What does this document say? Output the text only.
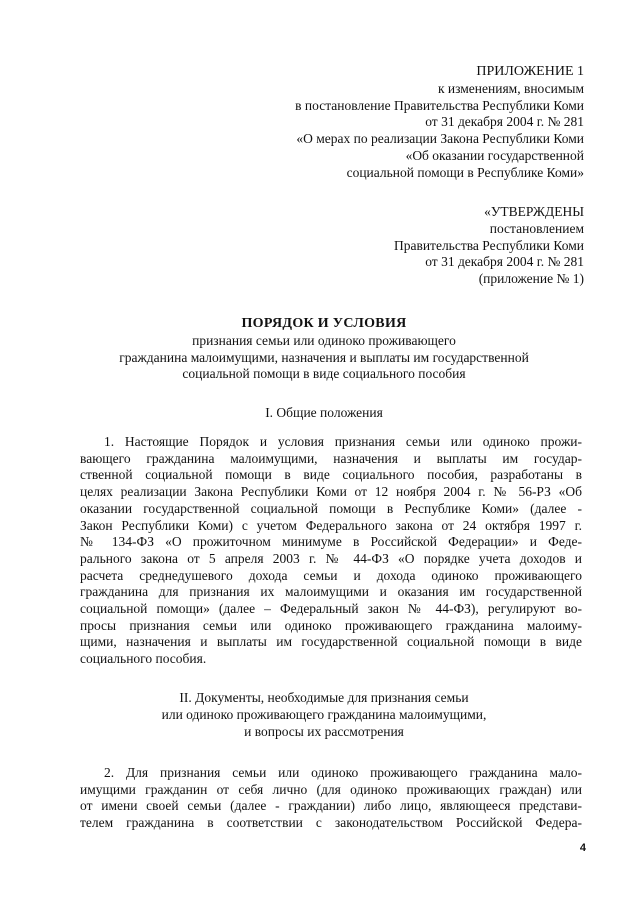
ПРИЛОЖЕНИЕ 1
к изменениям, вносимым
в постановление Правительства Республики Коми
от 31 декабря 2004 г. № 281
«О мерах по реализации Закона Республики Коми
«Об оказании государственной
социальной помощи в Республике Коми»
«УТВЕРЖДЕНЫ
постановлением
Правительства Республики Коми
от 31 декабря 2004 г. № 281
(приложение № 1)
ПОРЯДОК И УСЛОВИЯ
признания семьи или одиноко проживающего
гражданина малоимущими, назначения и выплаты им государственной
социальной помощи в виде социального пособия
I. Общие положения
1. Настоящие Порядок и условия признания семьи или одиноко прожи-
вающего гражданина малоимущими, назначения и выплаты им государ-
ственной социальной помощи в виде социального пособия, разработаны в
целях реализации Закона Республики Коми от 12 ноября 2004 г. № 56-РЗ «Об
оказании государственной социальной помощи в Республике Коми» (далее -
Закон Республики Коми) с учетом Федерального закона от 24 октября 1997 г.
№ 134-ФЗ «О прожиточном минимуме в Российской Федерации» и Феде-
рального закона от 5 апреля 2003 г. № 44-ФЗ «О порядке учета доходов и
расчета среднедушевого дохода семьи и дохода одиноко проживающего
гражданина для признания их малоимущими и оказания им государственной
социальной помощи» (далее – Федеральный закон № 44-ФЗ), регулируют во-
просы признания семьи или одиноко проживающего гражданина малоиму-
щими, назначения и выплаты им государственной социальной помощи в виде
социального пособия.
II. Документы, необходимые для признания семьи
или одиноко проживающего гражданина малоимущими,
и вопросы их рассмотрения
2. Для признания семьи или одиноко проживающего гражданина мало-
имущими гражданин от себя лично (для одиноко проживающих граждан) или
от имени своей семьи (далее - граждании) либо лицо, являющееся представи-
телем гражданина в соответствии с законодательством Российской Федера-
4
